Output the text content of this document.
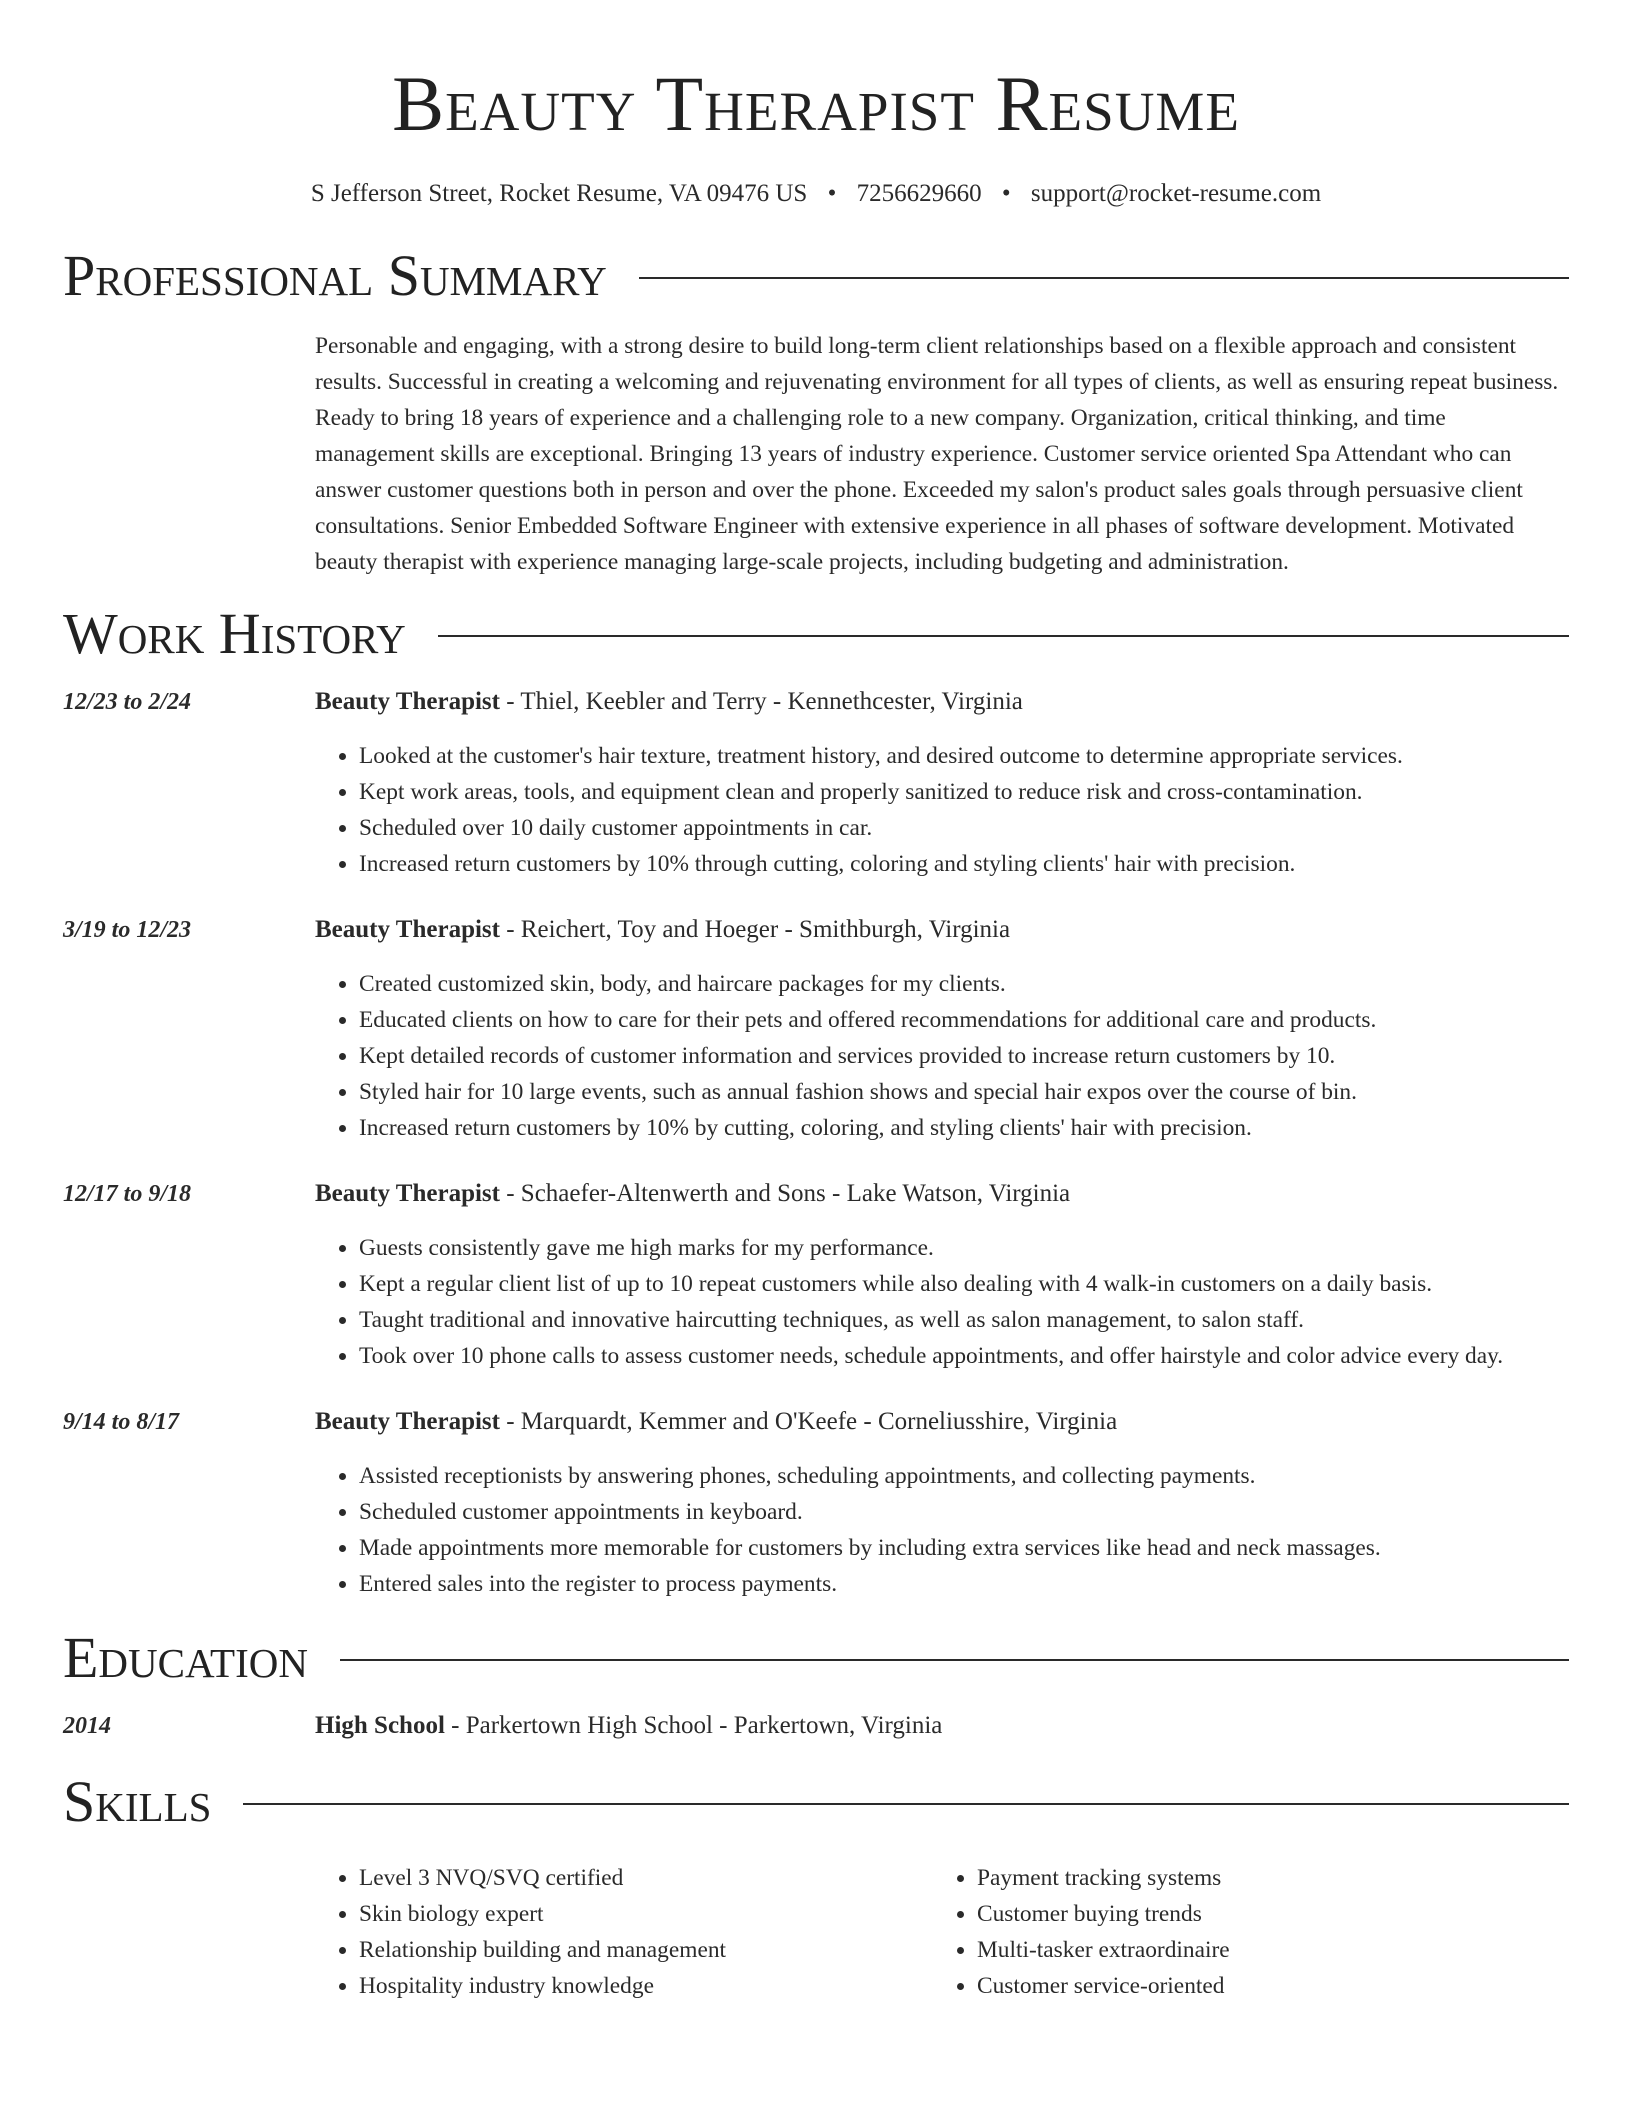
Beauty Therapist Resume
S Jefferson Street, Rocket Resume, VA 09476 US • 7256629660 • support@rocket-resume.com
Professional Summary

Personable and engaging, with a strong desire to build long-term client relationships based on a flexible approach and consistent results. Successful in creating a welcoming and rejuvenating environment for all types of clients, as well as ensuring repeat business. Ready to bring 18 years of experience and a challenging role to a new company. Organization, critical thinking, and time management skills are exceptional. Bringing 13 years of industry experience. Customer service oriented Spa Attendant who can answer customer questions both in person and over the phone. Exceeded my salon's product sales goals through persuasive client consultations. Senior Embedded Software Engineer with extensive experience in all phases of software development. Motivated beauty therapist with experience managing large-scale projects, including budgeting and administration.

Work History
12/23 to 2/24	Beauty Therapist - Thiel, Keebler and Terry - Kennethcester, Virginia
• Looked at the customer's hair texture, treatment history, and desired outcome to determine appropriate services.
• Kept work areas, tools, and equipment clean and properly sanitized to reduce risk and cross-contamination.
• Scheduled over 10 daily customer appointments in car.
• Increased return customers by 10% through cutting, coloring and styling clients' hair with precision.
3/19 to 12/23	Beauty Therapist - Reichert, Toy and Hoeger - Smithburgh, Virginia
• Created customized skin, body, and haircare packages for my clients.
• Educated clients on how to care for their pets and offered recommendations for additional care and products.
• Kept detailed records of customer information and services provided to increase return customers by 10.
• Styled hair for 10 large events, such as annual fashion shows and special hair expos over the course of bin.
• Increased return customers by 10% by cutting, coloring, and styling clients' hair with precision.
12/17 to 9/18	Beauty Therapist - Schaefer-Altenwerth and Sons - Lake Watson, Virginia
• Guests consistently gave me high marks for my performance.
• Kept a regular client list of up to 10 repeat customers while also dealing with 4 walk-in customers on a daily basis.
• Taught traditional and innovative haircutting techniques, as well as salon management, to salon staff.
• Took over 10 phone calls to assess customer needs, schedule appointments, and offer hairstyle and color advice every day.
9/14 to 8/17	Beauty Therapist - Marquardt, Kemmer and O'Keefe - Corneliusshire, Virginia
• Assisted receptionists by answering phones, scheduling appointments, and collecting payments.
• Scheduled customer appointments in keyboard.
• Made appointments more memorable for customers by including extra services like head and neck massages.
• Entered sales into the register to process payments.
Education
2014	High School - Parkertown High School - Parkertown, Virginia
Skills
• Level 3 NVQ/SVQ certified
• Skin biology expert
• Relationship building and management
• Hospitality industry knowledge
• Payment tracking systems
• Customer buying trends
• Multi-tasker extraordinaire
• Customer service-oriented
